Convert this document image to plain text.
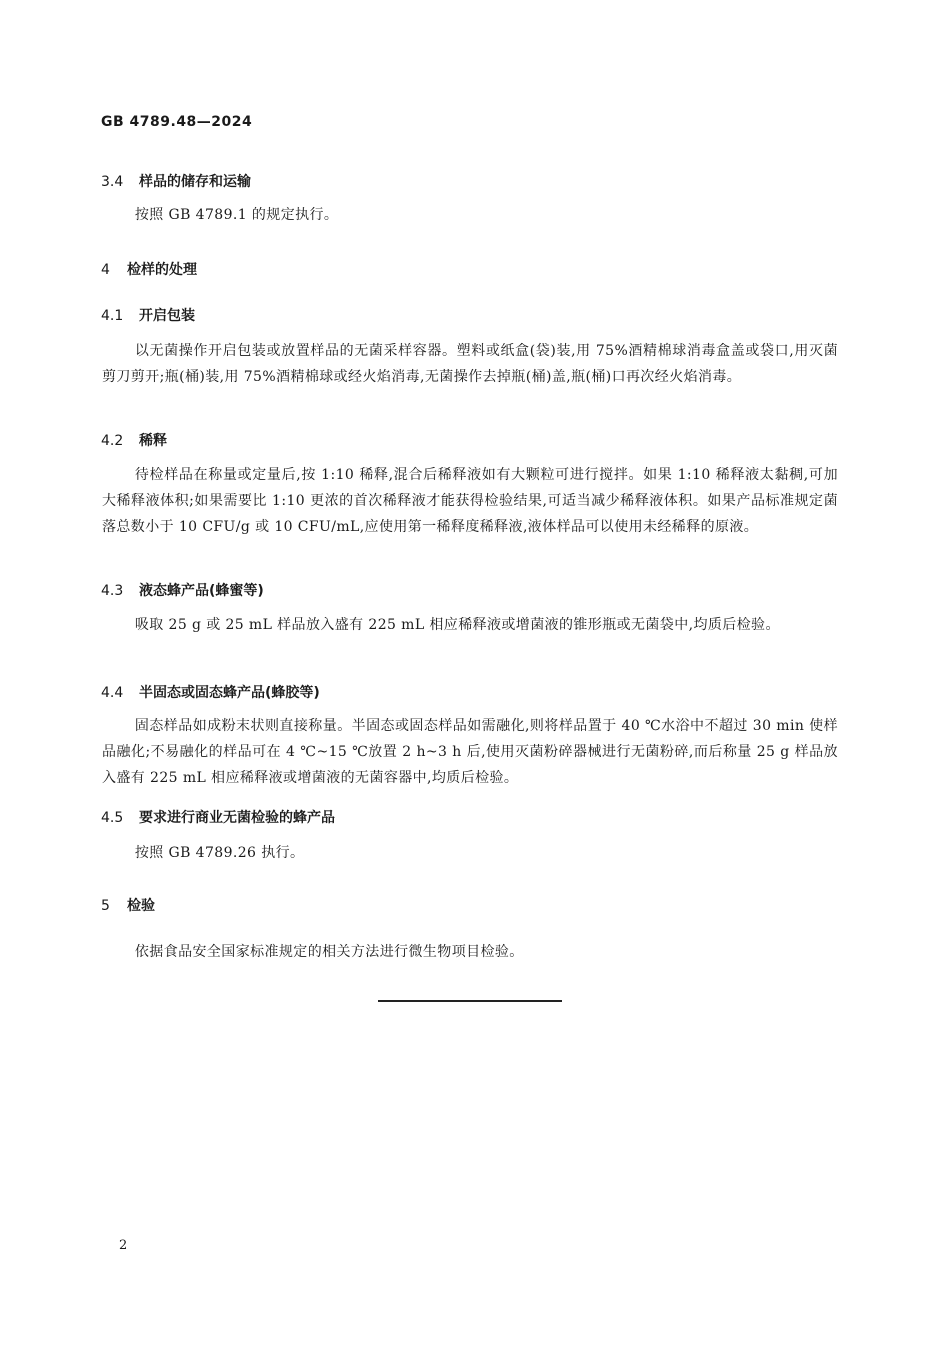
GB 4789.48—2024
3.4 样品的储存和运输
按照 GB 4789.1 的规定执行。
4 检样的处理
4.1 开启包装
以无菌操作开启包装或放置样品的无菌采样容器。塑料或纸盒(袋)装,用 75%酒精棉球消毒盒盖或袋口,用灭菌剪刀剪开;瓶(桶)装,用 75%酒精棉球或经火焰消毒,无菌操作去掉瓶(桶)盖,瓶(桶)口再次经火焰消毒。
4.2 稀释
待检样品在称量或定量后,按 1:10 稀释,混合后稀释液如有大颗粒可进行搅拌。如果 1:10 稀释液太黏稠,可加大稀释液体积;如果需要比 1:10 更浓的首次稀释液才能获得检验结果,可适当减少稀释液体积。如果产品标准规定菌落总数小于 10 CFU/g 或 10 CFU/mL,应使用第一稀释度稀释液,液体样品可以使用未经稀释的原液。
4.3 液态蜂产品(蜂蜜等)
吸取 25 g 或 25 mL 样品放入盛有 225 mL 相应稀释液或增菌液的锥形瓶或无菌袋中,均质后检验。
4.4 半固态或固态蜂产品(蜂胶等)
固态样品如成粉末状则直接称量。半固态或固态样品如需融化,则将样品置于 40 ℃水浴中不超过 30 min 使样品融化;不易融化的样品可在 4 ℃~15 ℃放置 2 h~3 h 后,使用灭菌粉碎器械进行无菌粉碎,而后称量 25 g 样品放入盛有 225 mL 相应稀释液或增菌液的无菌容器中,均质后检验。
4.5 要求进行商业无菌检验的蜂产品
按照 GB 4789.26 执行。
5 检验
依据食品安全国家标准规定的相关方法进行微生物项目检验。
2
